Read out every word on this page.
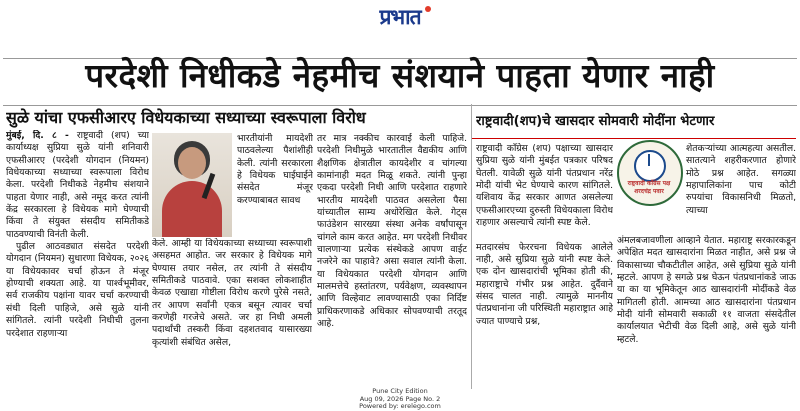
प्रभात
परदेशी निधीकडे नेहमीच संशयाने पाहता येणार नाही
सुळे यांचा एफसीआरए विधेयकाच्या सध्याच्या स्वरूपाला विरोध

मुंबई, दि. ८ - राष्ट्रवादी (शप) च्या कार्याध्यक्ष सुप्रिया सुळे यांनी शनिवारी एफसीआरए (परदेशी योगदान (नियमन) विधेयकाच्या सध्याच्या स्वरूपाला विरोध केला. परदेशी निधीकडे नेहमीच संशयाने पाहता येणार नाही, असे नमूद करत त्यांनी केंद्र सरकारला हे विधेयक मागे घेण्याची किंवा ते संयुक्त संसदीय समितीकडे पाठवण्याची विनंती केली.

पुढील आठवड्यात संसदेत परदेशी योगदान (नियमन) सुधारणा विधेयक, २०२६ या विधेयकावर चर्चा होऊन ते मंजूर होण्याची शक्यता आहे. या पार्श्वभूमीवर, सर्व राजकीय पक्षांना यावर चर्चा करण्याची संधी दिली पाहिजे, असे सुळे यांनी सांगितले. त्यांनी परदेशी निधीची तुलना परदेशात राहणाऱ्या

भारतीयांनी मायदेशी पाठवलेल्या पैशांशीही केली. त्यांनी सरकारला हे विधेयक घाईघाईने संसदेत मंजूर करण्याबाबत सावध
केले. आम्ही या विधेयकाच्या सध्याच्या स्वरूपाशी असहमत आहोत. जर सरकार हे विधेयक मागे घेण्यास तयार नसेल, तर त्यांनी ते संसदीय समितीकडे पाठवावे. एका सशक्त लोकशाहीत केवळ एखाद्या गोष्टीला विरोध करणे पुरेसे नसते, तर आपण सर्वांनी एकत्र बसून त्यावर चर्चा करणेही गरजेचे असते. जर हा निधी अमली पदार्थांची तस्करी किंवा दहशतवाद यासारख्या कृत्यांशी संबंधित असेल,
तर मात्र नक्कीच कारवाई केली पाहिजे. परदेशी निधीमुळे भारतातील वैद्यकीय आणि शैक्षणिक क्षेत्रातील कायदेशीर व चांगल्या कामांनाही मदत मिळू शकते. त्यांनी पुन्हा एकदा परदेशी निधी आणि परदेशात राहणारे भारतीय मायदेशी पाठवत असलेला पैसा यांच्यातील साम्य अधोरेखित केले. गेट्स फाउंडेशन सारख्या संस्था अनेक वर्षांपासून चांगले काम करत आहेत. मग परदेशी निधीवर चालणाऱ्या प्रत्येक संस्थेकडे आपण वाईट नजरेने का पाहावे? असा सवाल त्यांनी केला. या विधेयकात परदेशी योगदान आणि मालमत्तेचे हस्तांतरण, पर्यवेक्षण, व्यवस्थापन आणि विल्हेवाट लावण्यासाठी एका निर्दिष्ट प्राधिकरणाकडे अधिकार सोपवण्याची तरतूद आहे.
राष्ट्रवादी(शप)चे खासदार सोमवारी मोदींना भेटणार
राष्ट्रवादी काँग्रेस (शप) पक्षाच्या खासदार सुप्रिया सुळे यांनी मुंबईत पत्रकार परिषद घेतली. यावेळी सुळे यांनी पंतप्रधान नरेंद्र मोदी यांची भेट घेण्याचे कारण सांगितले. यशिवाय केंद्र सरकार आणत असलेल्या एफसीआरएच्या दुरुस्ती विधेयकाला विरोध राहणार असल्याचे त्यांनी स्पष्ट केले.

मतदारसंघ फेररचना विधेयक आलेले नाही, असे सुप्रिया सुळे यांनी स्पष्ट केले. एक दोन खासदारांची भूमिका होती की, महाराष्ट्राचे गंभीर प्रश्न आहेत. दुर्दैवाने संसद चालत नाही. त्यामुळे माननीय पंतप्रधानांना जी परिस्थिती महाराष्ट्रात आहे ज्यात पाण्याचे प्रश्न,
राष्ट्रवादी काँग्रेस पक्ष शरदचंद्र पवार
शेतकऱ्यांच्या आत्महत्या असतील. सातत्याने शहरीकरणात होणारे मोठे प्रश्न आहेत. सगळ्या महापालिकांना पाच कोटी रुपयांचा विकासनिधी मिळतो, त्याच्या
अंमलबजावणीला आव्हाने येतात. महाराष्ट्र सरकारकडून अपेक्षित मदत खासदारांना मिळत नाहीत, असे प्रश्न जे विकासाच्या चौकटीतील आहेत, असे सुप्रिया सुळे यांनी म्हटले. आपण हे सगळे प्रश्न घेऊन पंतप्रधानांकडे जाऊ या का या भूमिकेतून आठ खासदारांनी मोदींकडे वेळ मागितली होती. आमच्या आठ खासदारांना पंतप्रधान मोदी यांनी सोमवारी सकाळी ११ वाजता संसदेतील कार्यालयात भेटीची वेळ दिली आहे, असे सुळे यांनी म्हटले.
Pune City Edition
Aug 09, 2026 Page No. 2
Powered by: erelego.com
